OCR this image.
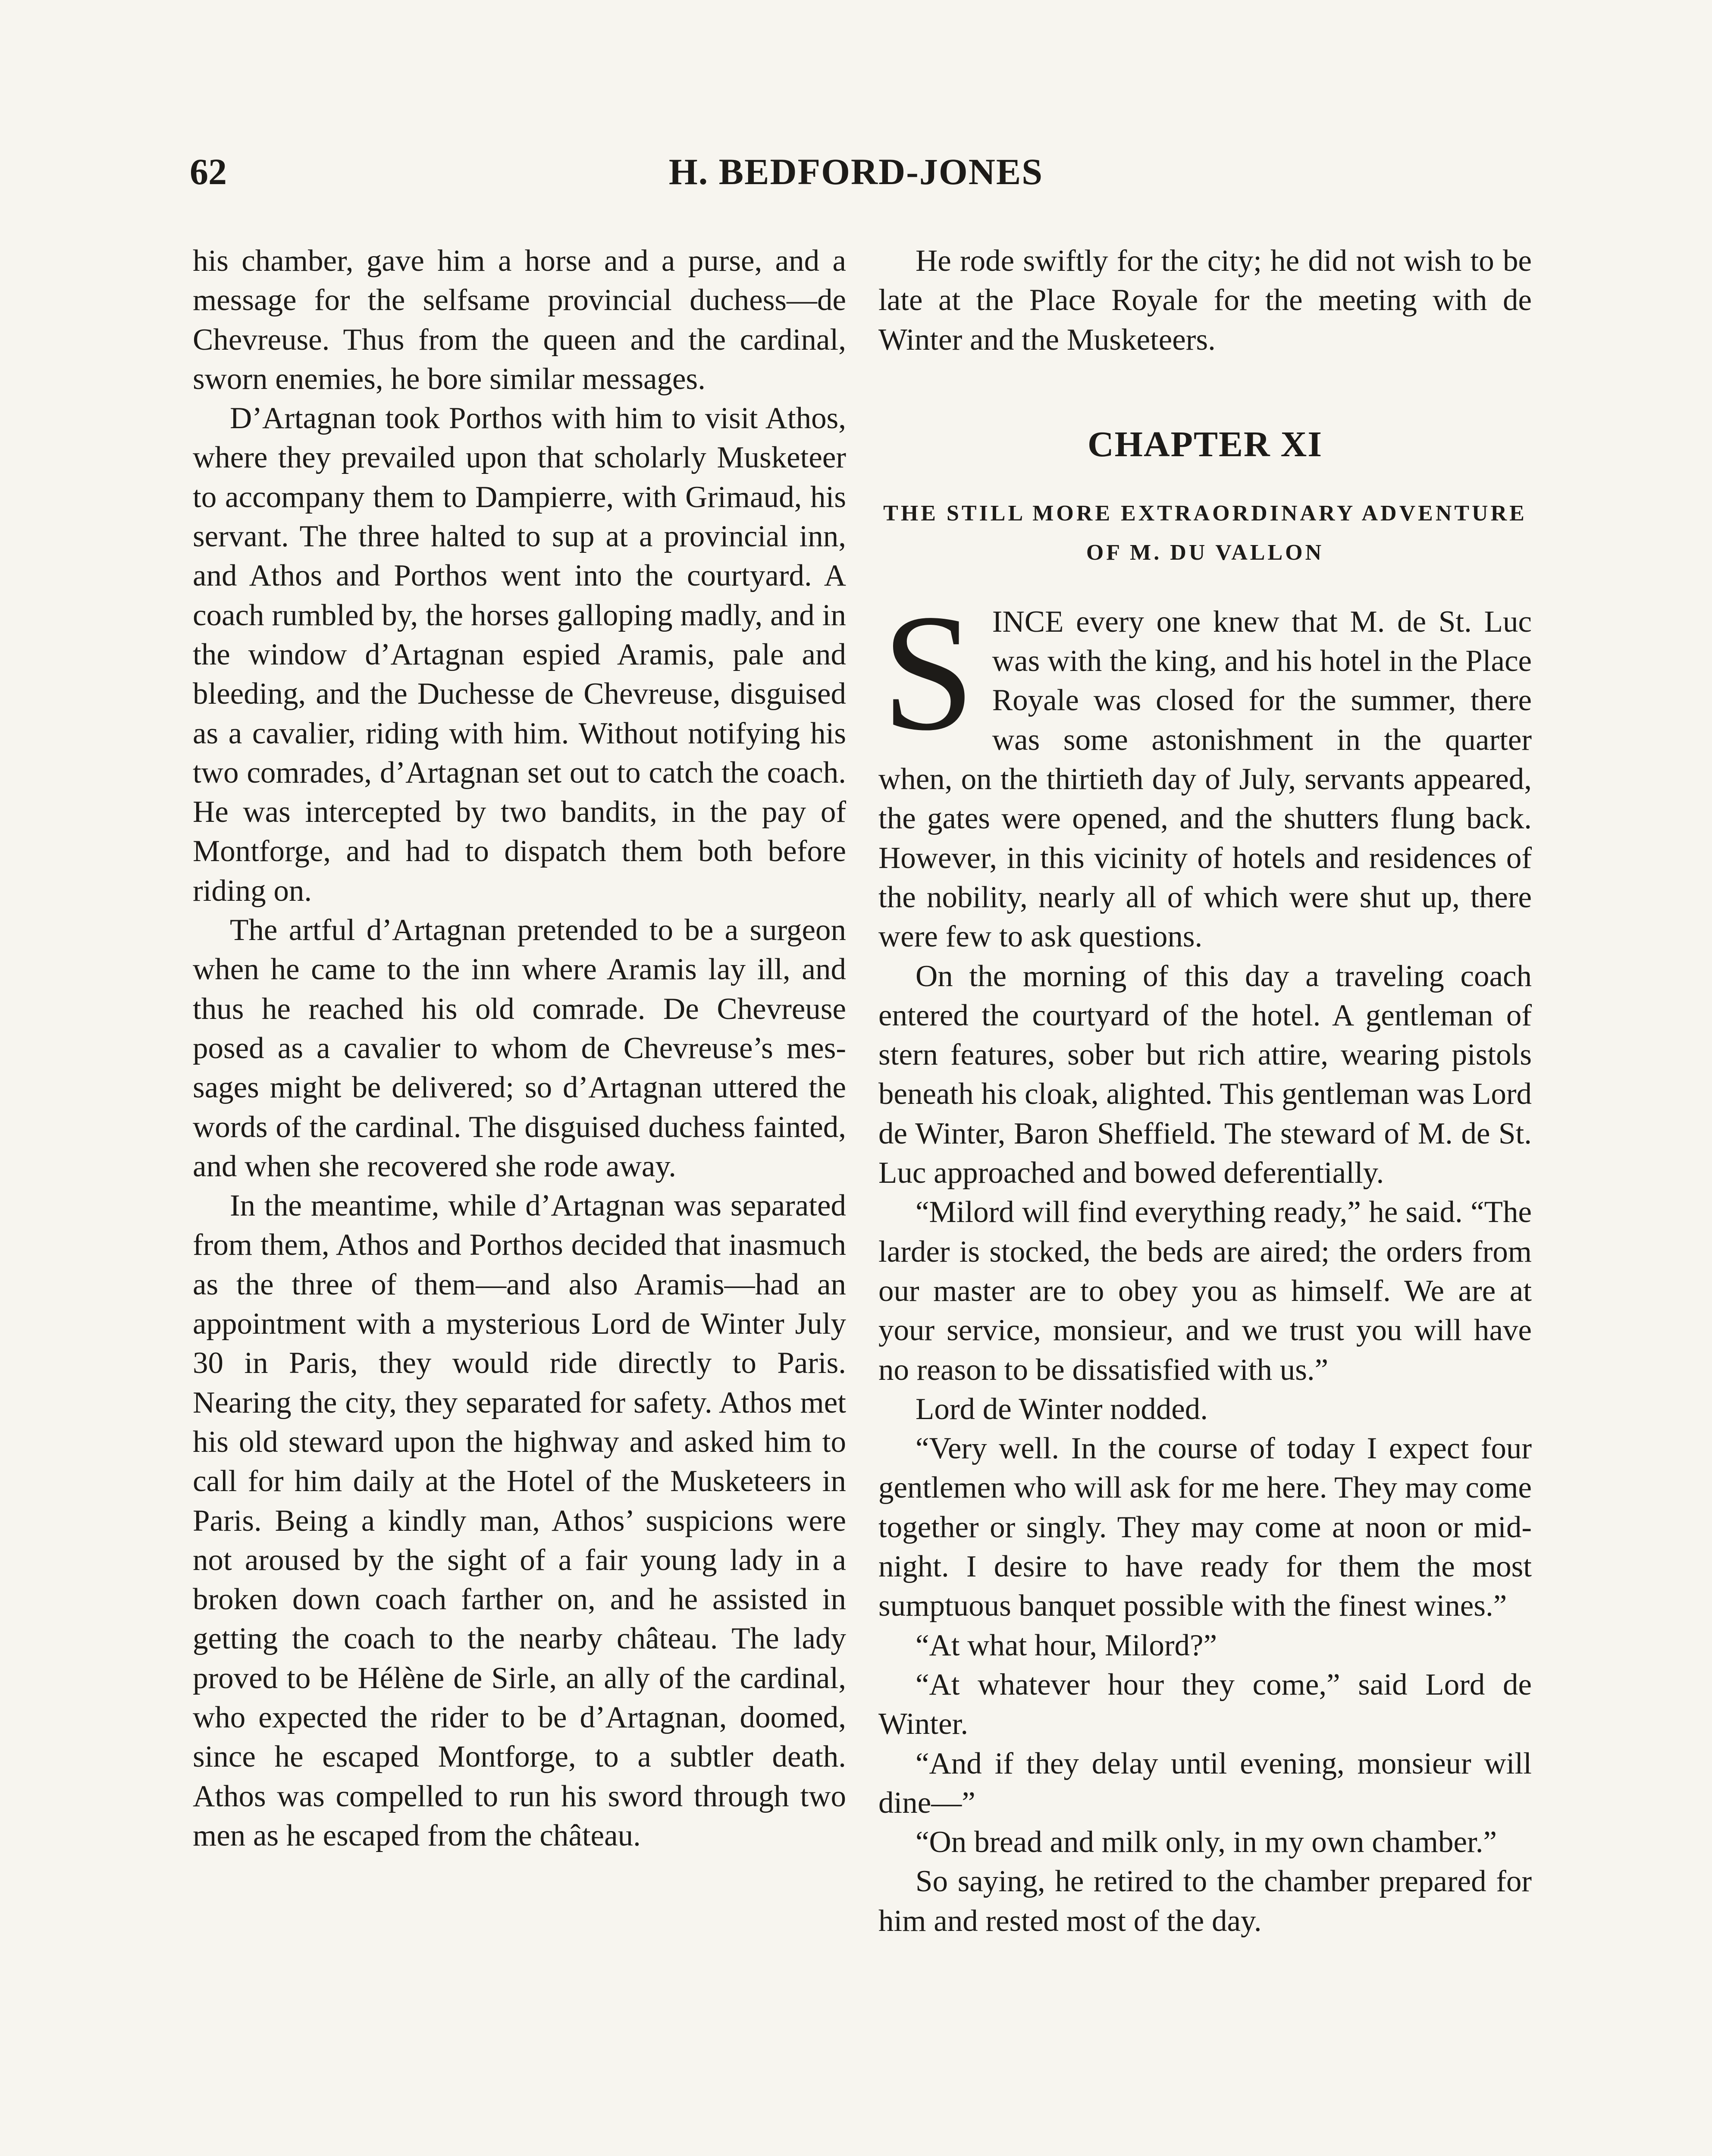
62	H. BEDFORD-JONES

his chamber, gave him a horse and a purse, and a message for the selfsame provincial duchess—de Chevreuse. Thus from the queen and the cardinal, sworn enemies, he bore similar messages.

D’Artagnan took Porthos with him to visit Athos, where they prevailed upon that scholarly Musketeer to accompany them to Dampierre, with Grimaud, his servant. The three halted to sup at a provincial inn, and Athos and Porthos went into the courtyard. A coach rumbled by, the horses galloping madly, and in the window d’Artagnan espied Aramis, pale and bleeding, and the Duchesse de Chevreuse, disguised as a cavalier, riding with him. Without notifying his two comrades, d’Artagnan set out to catch the coach. He was intercepted by two bandits, in the pay of Montforge, and had to dispatch them both before riding on.

The artful d’Artagnan pretended to be a surgeon when he came to the inn where Aramis lay ill, and thus he reached his old comrade. De Chevreuse posed as a cavalier to whom de Chevreuse’s messages might be delivered; so d’Artagnan uttered the words of the cardinal. The disguised duchess fainted, and when she recovered she rode away.

In the meantime, while d’Artagnan was separated from them, Athos and Porthos decided that inasmuch as the three of them—and also Aramis—had an appointment with a mysterious Lord de Winter July 30 in Paris, they would ride directly to Paris. Nearing the city, they separated for safety. Athos met his old steward upon the highway and asked him to call for him daily at the Hotel of the Musketeers in Paris. Being a kindly man, Athos’ suspicions were not aroused by the sight of a fair young lady in a broken down coach farther on, and he assisted in getting the coach to the nearby château. The lady proved to be Hélène de Sirle, an ally of the cardinal, who expected the rider to be d’Artagnan, doomed, since he escaped Montforge, to a subtler death. Athos was compelled to run his sword through two men as he escaped from the château.

He rode swiftly for the city; he did not wish to be late at the Place Royale for the meeting with de Winter and the Musketeers.

CHAPTER XI
THE STILL MORE EXTRAORDINARY ADVENTURE OF M. DU VALLON

SINCE every one knew that M. de St. Luc was with the king, and his hotel in the Place Royale was closed for the summer, there was some astonishment in the quarter when, on the thirtieth day of July, servants appeared, the gates were opened, and the shutters flung back. However, in this vicinity of hotels and residences of the nobility, nearly all of which were shut up, there were few to ask questions.

On the morning of this day a traveling coach entered the courtyard of the hotel. A gentleman of stern features, sober but rich attire, wearing pistols beneath his cloak, alighted. This gentleman was Lord de Winter, Baron Sheffield. The steward of M. de St. Luc approached and bowed deferentially.

“Milord will find everything ready,” he said. “The larder is stocked, the beds are aired; the orders from our master are to obey you as himself. We are at your service, monsieur, and we trust you will have no reason to be dissatisfied with us.”

Lord de Winter nodded.

“Very well. In the course of today I expect four gentlemen who will ask for me here. They may come together or singly. They may come at noon or midnight. I desire to have ready for them the most sumptuous banquet possible with the finest wines.”

“At what hour, Milord?”

“At whatever hour they come,” said Lord de Winter.

“And if they delay until evening, monsieur will dine—”

“On bread and milk only, in my own chamber.”

So saying, he retired to the chamber prepared for him and rested most of the day.
